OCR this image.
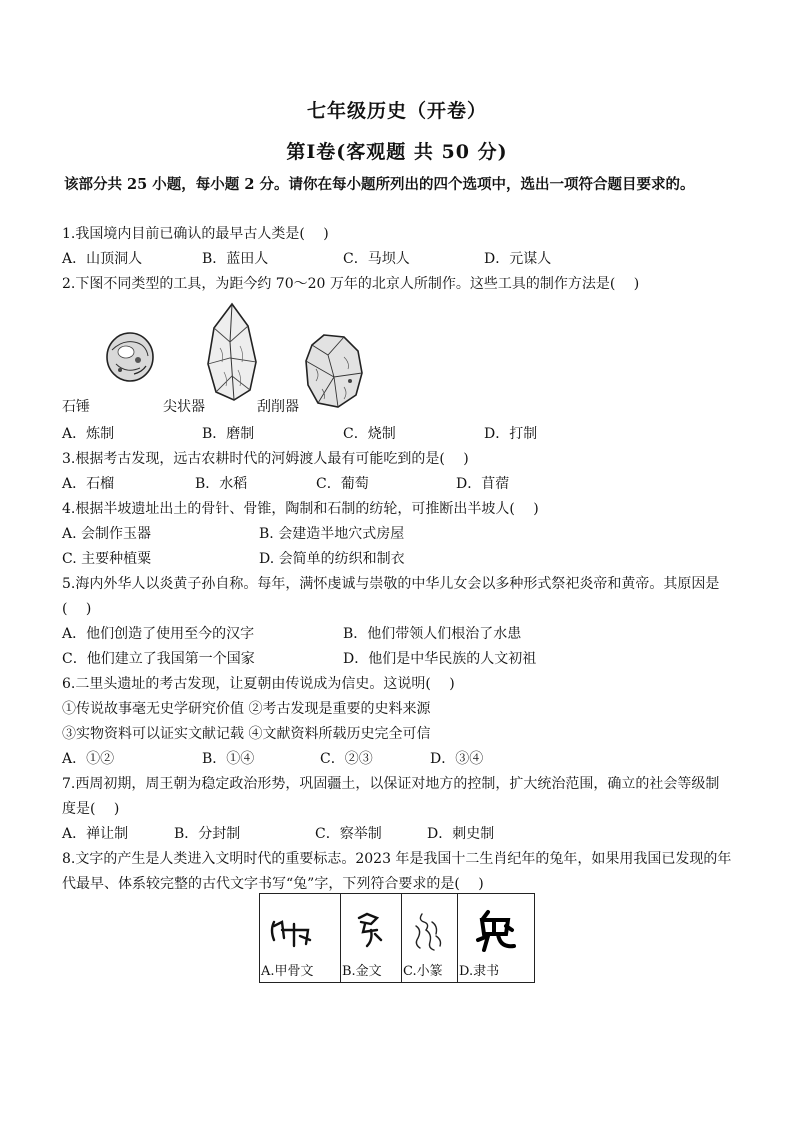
七年级历史（开卷）
第Ⅰ卷(客观题 共 50 分)
该部分共 25 小题，每小题 2 分。请你在每小题所列出的四个选项中，选出一项符合题目要求的。
1.我国境内目前已确认的最早古人类是(　 )
A．山顶洞人	B．蓝田人	C．马坝人	D．元谋人
2.下图不同类型的工具，为距今约 70～20 万年的北京人所制作。这些工具的制作方法是(　 )
石锤	尖状器	刮削器
A．炼制	B．磨制	C．烧制	D．打制
3.根据考古发现，远古农耕时代的河姆渡人最有可能吃到的是(　 )
A．石榴	B．水稻	C．葡萄	D．苜蓿
4.根据半坡遗址出土的骨针、骨锥，陶制和石制的纺轮，可推断出半坡人(　 )
A. 会制作玉器	B. 会建造半地穴式房屋
C. 主要种植粟	D. 会简单的纺织和制衣
5.海内外华人以炎黄子孙自称。每年，满怀虔诚与崇敬的中华儿女会以多种形式祭祀炎帝和黄帝。其原因是
(　 )
A．他们创造了使用至今的汉字	B．他们带领人们根治了水患
C．他们建立了我国第一个国家	D．他们是中华民族的人文初祖
6.二里头遗址的考古发现，让夏朝由传说成为信史。这说明(　 )
①传说故事毫无史学研究价值 ②考古发现是重要的史料来源
③实物资料可以证实文献记载 ④文献资料所载历史完全可信
A．①②	B．①④	C．②③	D．③④
7.西周初期，周王朝为稳定政治形势，巩固疆土，以保证对地方的控制，扩大统治范围，确立的社会等级制
度是(　 )
A．禅让制	B．分封制	C．察举制	D．刺史制
8.文字的产生是人类进入文明时代的重要标志。2023 年是我国十二生肖纪年的兔年，如果用我国已发现的年
代最早、体系较完整的古代文字书写“兔”字，下列符合要求的是(　 )
A.甲骨文	B.金文	C.小篆	D.隶书
